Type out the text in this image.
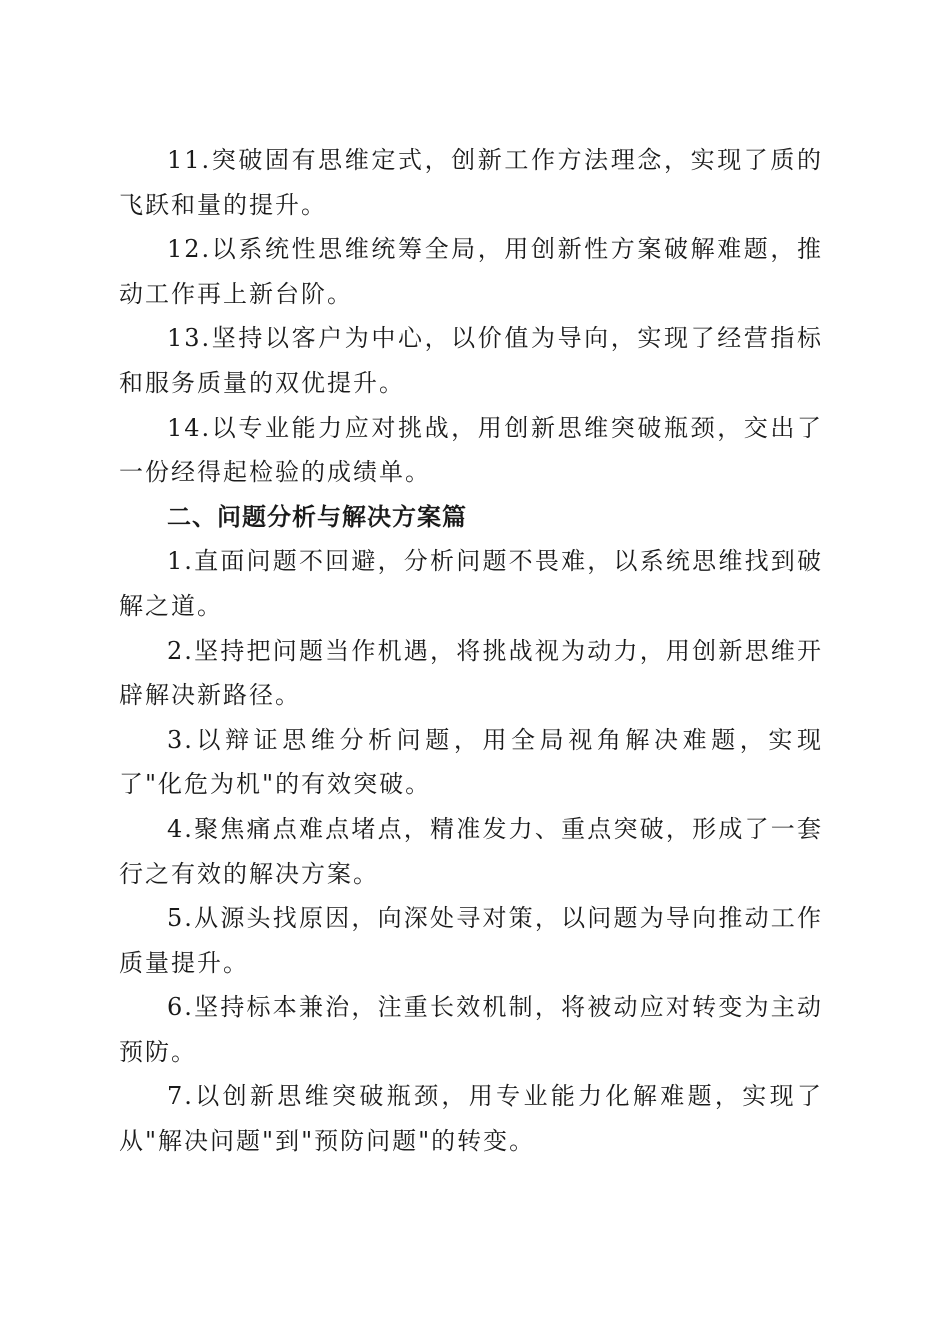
11.突破固有思维定式，创新工作方法理念，实现了质的飞跃和量的提升。

12.以系统性思维统筹全局，用创新性方案破解难题，推动工作再上新台阶。

13.坚持以客户为中心，以价值为导向，实现了经营指标和服务质量的双优提升。

14.以专业能力应对挑战，用创新思维突破瓶颈，交出了一份经得起检验的成绩单。

二、问题分析与解决方案篇

1.直面问题不回避，分析问题不畏难，以系统思维找到破解之道。

2.坚持把问题当作机遇，将挑战视为动力，用创新思维开辟解决新路径。

3.以辩证思维分析问题，用全局视角解决难题，实现了"化危为机"的有效突破。

4.聚焦痛点难点堵点，精准发力、重点突破，形成了一套行之有效的解决方案。

5.从源头找原因，向深处寻对策，以问题为导向推动工作质量提升。

6.坚持标本兼治，注重长效机制，将被动应对转变为主动预防。

7.以创新思维突破瓶颈，用专业能力化解难题，实现了从"解决问题"到"预防问题"的转变。
